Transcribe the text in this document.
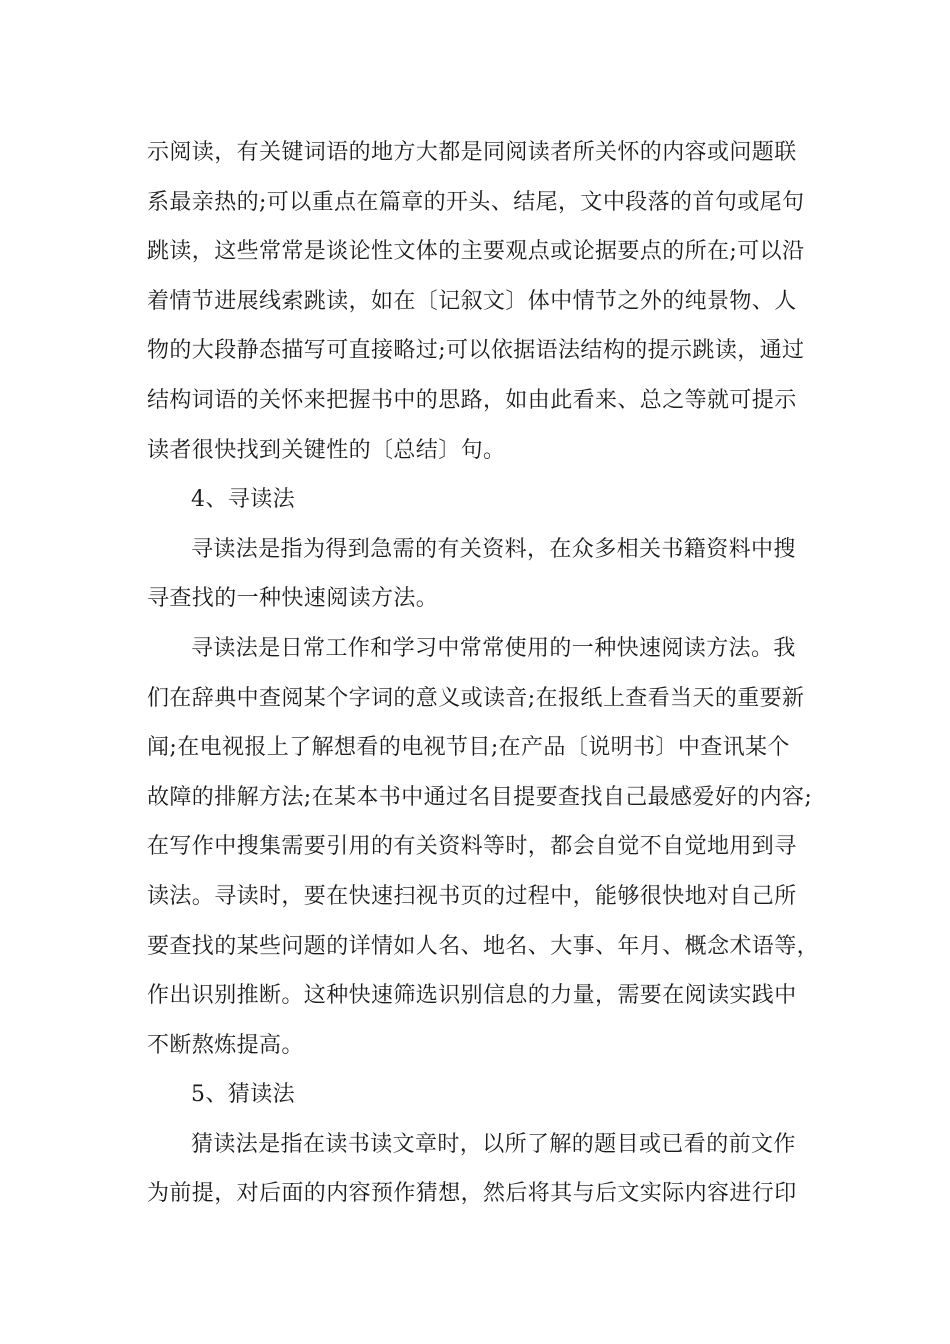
示阅读，有关键词语的地方大都是同阅读者所关怀的内容或问题联

系最亲热的;可以重点在篇章的开头、结尾，文中段落的首句或尾句

跳读，这些常常是谈论性文体的主要观点或论据要点的所在;可以沿

着情节进展线索跳读，如在〔记叙文〕体中情节之外的纯景物、人

物的大段静态描写可直接略过;可以依据语法结构的提示跳读，通过

结构词语的关怀来把握书中的思路，如由此看来、总之等就可提示

读者很快找到关键性的〔总结〕句。

4、寻读法

寻读法是指为得到急需的有关资料，在众多相关书籍资料中搜

寻查找的一种快速阅读方法。

寻读法是日常工作和学习中常常使用的一种快速阅读方法。我

们在辞典中查阅某个字词的意义或读音;在报纸上查看当天的重要新

闻;在电视报上了解想看的电视节目;在产品〔说明书〕中查讯某个

故障的排解方法;在某本书中通过名目提要查找自己最感爱好的内容;

在写作中搜集需要引用的有关资料等时，都会自觉不自觉地用到寻

读法。寻读时，要在快速扫视书页的过程中，能够很快地对自己所

要查找的某些问题的详情如人名、地名、大事、年月、概念术语等，

作出识别推断。这种快速筛选识别信息的力量，需要在阅读实践中

不断熬炼提高。

5、猜读法

猜读法是指在读书读文章时，以所了解的题目或已看的前文作

为前提，对后面的内容预作猜想，然后将其与后文实际内容进行印
